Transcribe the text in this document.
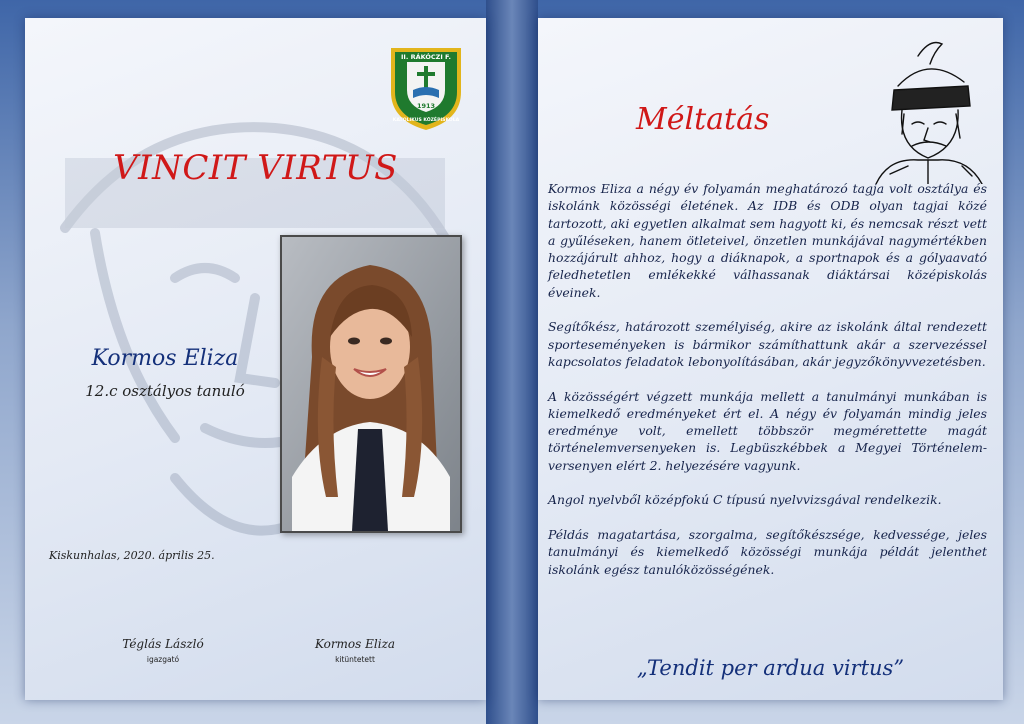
II. RÁKÓCZI F.
1913
KATOLIKUS KÖZÉPISKOLA
VINCIT VIRTUS
Kormos Eliza
12.c osztályos tanuló
Kiskunhalas, 2020. április 25.
Téglás László
igazgató
Kormos Eliza
kitüntetett
Méltatás

Kormos Eliza a négy év folyamán meghatározó tagja volt osztálya és iskolánk közösségi életének. Az IDB és ODB olyan tagjai közé tartozott, aki egyetlen alkalmat sem hagyott ki, és nemcsak részt vett a gyűléseken, hanem ötleteivel, önzetlen munkájával nagymértékben hozzájárult ahhoz, hogy a diáknapok, a sportnapok és a gólyaavató feledhetetlen emlékekké válhassanak diáktársai középiskolás éveinek.

Segítőkész, határozott személyiség, akire az iskolánk által rendezett sporteseményeken is bármikor számíthattunk akár a szervezéssel kapcsolatos feladatok lebonyolításában, akár jegyzőkönyvvezetésben.

A közösségért végzett munkája mellett a tanulmányi munkában is kiemelkedő eredményeket ért el. A négy év folyamán mindig jeles eredménye volt, emellett többször megmérettette magát történelemversenyeken is. Legbüszkébbek a Megyei Történelem-versenyen elért 2. helyezésére vagyunk.

Angol nyelvből középfokú C típusú nyelvvizsgával rendelkezik.

Példás magatartása, szorgalma, segítőkészsége, kedvessége, jeles tanulmányi és kiemelkedő közösségi munkája példát jelenthet iskolánk egész tanulóközösségének.

„Tendit per ardua virtus”
